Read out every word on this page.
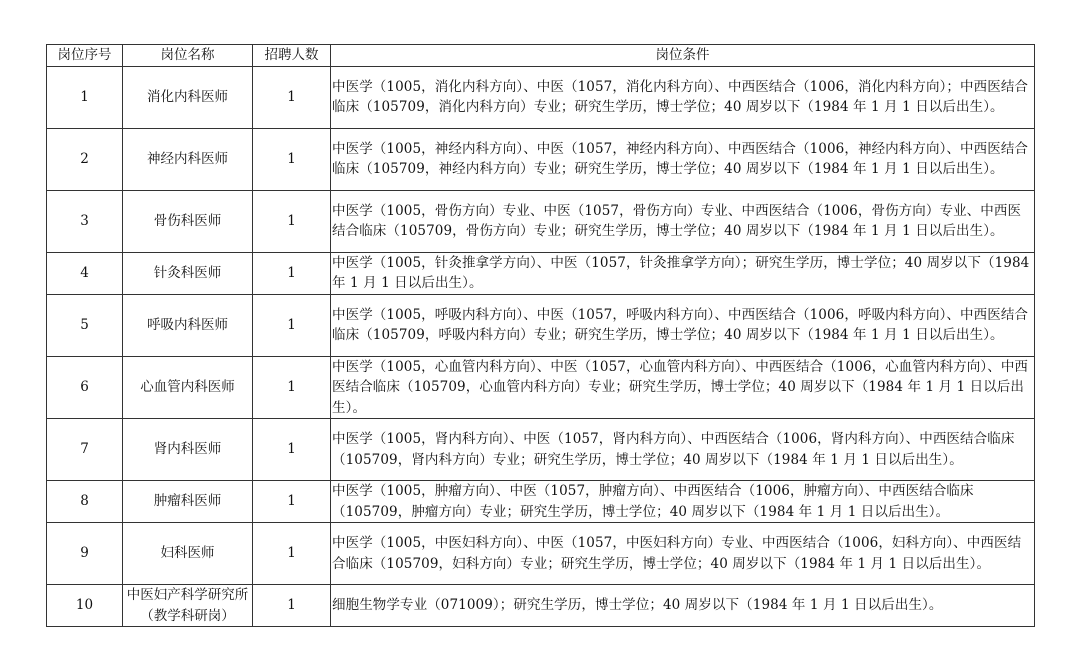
岗位序号	岗位名称	招聘人数	岗位条件
1	消化内科医师	1	中医学（1005，消化内科方向）、中医（1057，消化内科方向）、中西医结合（1006，消化内科方向）；中西医结合临床（105709，消化内科方向）专业；研究生学历，博士学位；40 周岁以下（1984 年 1 月 1 日以后出生）。
2	神经内科医师	1	中医学（1005，神经内科方向）、中医（1057，神经内科方向）、中西医结合（1006，神经内科方向）、中西医结合临床（105709，神经内科方向）专业；研究生学历，博士学位；40 周岁以下（1984 年 1 月 1 日以后出生）。
3	骨伤科医师	1	中医学（1005，骨伤方向）专业、中医（1057，骨伤方向）专业、中西医结合（1006，骨伤方向）专业、中西医结合临床（105709，骨伤方向）专业；研究生学历，博士学位；40 周岁以下（1984 年 1 月 1 日以后出生）。
4	针灸科医师	1	中医学（1005，针灸推拿学方向）、中医（1057，针灸推拿学方向）；研究生学历，博士学位；40 周岁以下（1984 年 1 月 1 日以后出生）。
5	呼吸内科医师	1	中医学（1005，呼吸内科方向）、中医（1057，呼吸内科方向）、中西医结合（1006，呼吸内科方向）、中西医结合临床（105709，呼吸内科方向）专业；研究生学历，博士学位；40 周岁以下（1984 年 1 月 1 日以后出生）。
6	心血管内科医师	1	中医学（1005，心血管内科方向）、中医（1057，心血管内科方向）、中西医结合（1006，心血管内科方向）、中西医结合临床（105709，心血管内科方向）专业；研究生学历，博士学位；40 周岁以下（1984 年 1 月 1 日以后出生）。
7	肾内科医师	1	中医学（1005，肾内科方向）、中医（1057，肾内科方向）、中西医结合（1006，肾内科方向）、中西医结合临床（105709，肾内科方向）专业；研究生学历，博士学位；40 周岁以下（1984 年 1 月 1 日以后出生）。
8	肿瘤科医师	1	中医学（1005，肿瘤方向）、中医（1057，肿瘤方向）、中西医结合（1006，肿瘤方向）、中西医结合临床（105709，肿瘤方向）专业；研究生学历，博士学位；40 周岁以下（1984 年 1 月 1 日以后出生）。
9	妇科医师	1	中医学（1005，中医妇科方向）、中医（1057，中医妇科方向）专业、中西医结合（1006，妇科方向）、中西医结合临床（105709，妇科方向）专业；研究生学历，博士学位；40 周岁以下（1984 年 1 月 1 日以后出生）。
10	中医妇产科学研究所（教学科研岗）	1	细胞生物学专业（071009）；研究生学历，博士学位；40 周岁以下（1984 年 1 月 1 日以后出生）。
